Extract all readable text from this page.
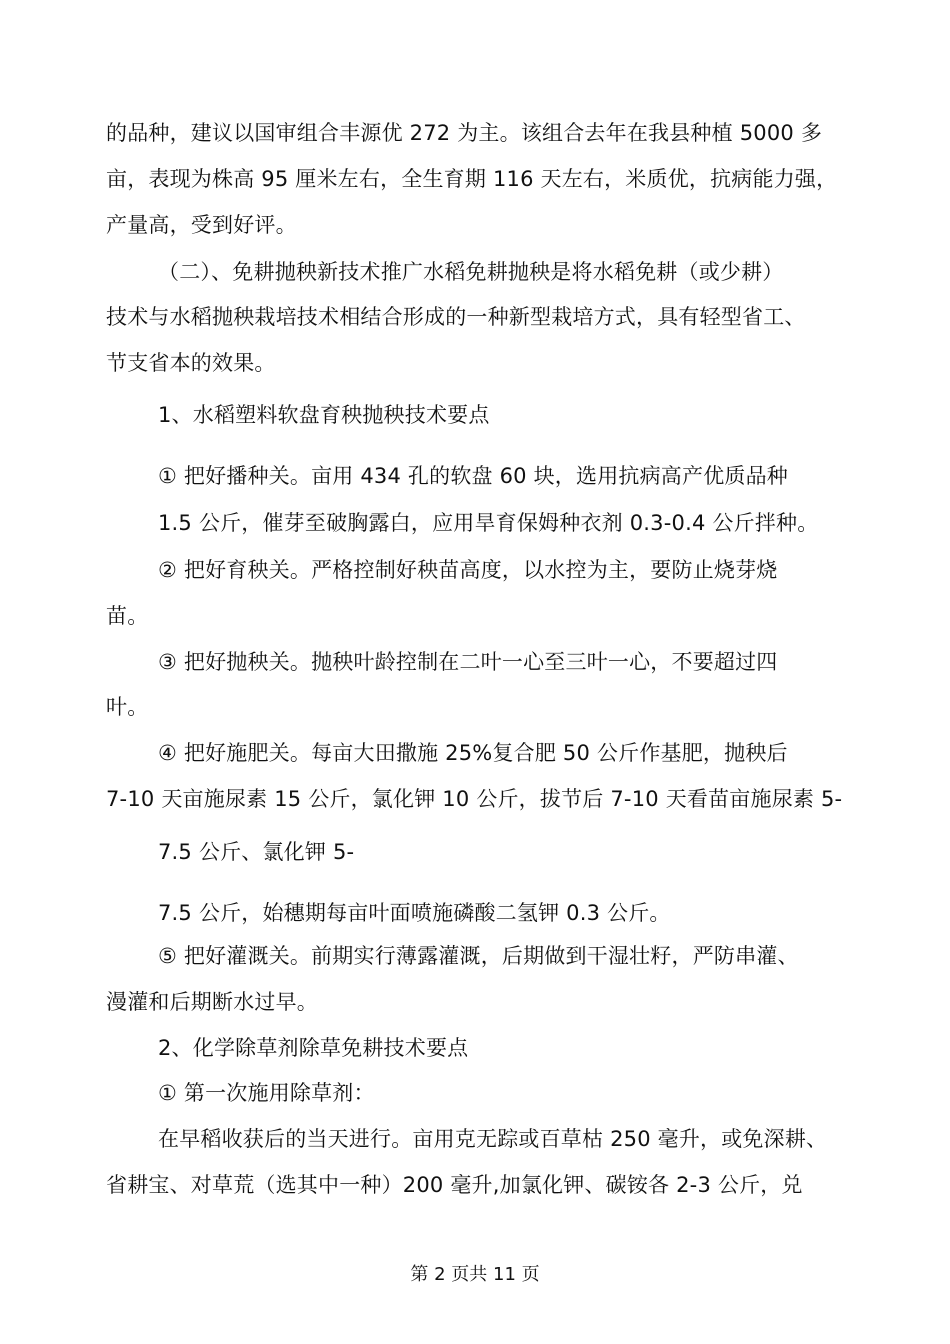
的品种，建议以国审组合丰源优 272 为主。该组合去年在我县种植 5000 多
亩，表现为株高 95 厘米左右，全生育期 116 天左右，米质优，抗病能力强，
产量高，受到好评。
（二）、免耕抛秧新技术推广水稻免耕抛秧是将水稻免耕（或少耕）
技术与水稻抛秧栽培技术相结合形成的一种新型栽培方式，具有轻型省工、
节支省本的效果。
1、水稻塑料软盘育秧抛秧技术要点
① 把好播种关。亩用 434 孔的软盘 60 块，选用抗病高产优质品种
1.5 公斤，催芽至破胸露白，应用旱育保姆种衣剂 0.3-0.4 公斤拌种。
② 把好育秧关。严格控制好秧苗高度，以水控为主，要防止烧芽烧
苗。
③ 把好抛秧关。抛秧叶龄控制在二叶一心至三叶一心，不要超过四
叶。
④ 把好施肥关。每亩大田撒施 25%复合肥 50 公斤作基肥，抛秧后
7-10 天亩施尿素 15 公斤，氯化钾 10 公斤，拔节后 7-10 天看苗亩施尿素 5-
7.5 公斤、氯化钾 5-
7.5 公斤，始穗期每亩叶面喷施磷酸二氢钾 0.3 公斤。
⑤ 把好灌溉关。前期实行薄露灌溉，后期做到干湿壮籽，严防串灌、
漫灌和后期断水过早。
2、化学除草剂除草免耕技术要点
① 第一次施用除草剂：
在早稻收获后的当天进行。亩用克无踪或百草枯 250 毫升，或免深耕、
省耕宝、对草荒（选其中一种）200 毫升,加氯化钾、碳铵各 2-3 公斤，兑
第 2 页共 11 页
